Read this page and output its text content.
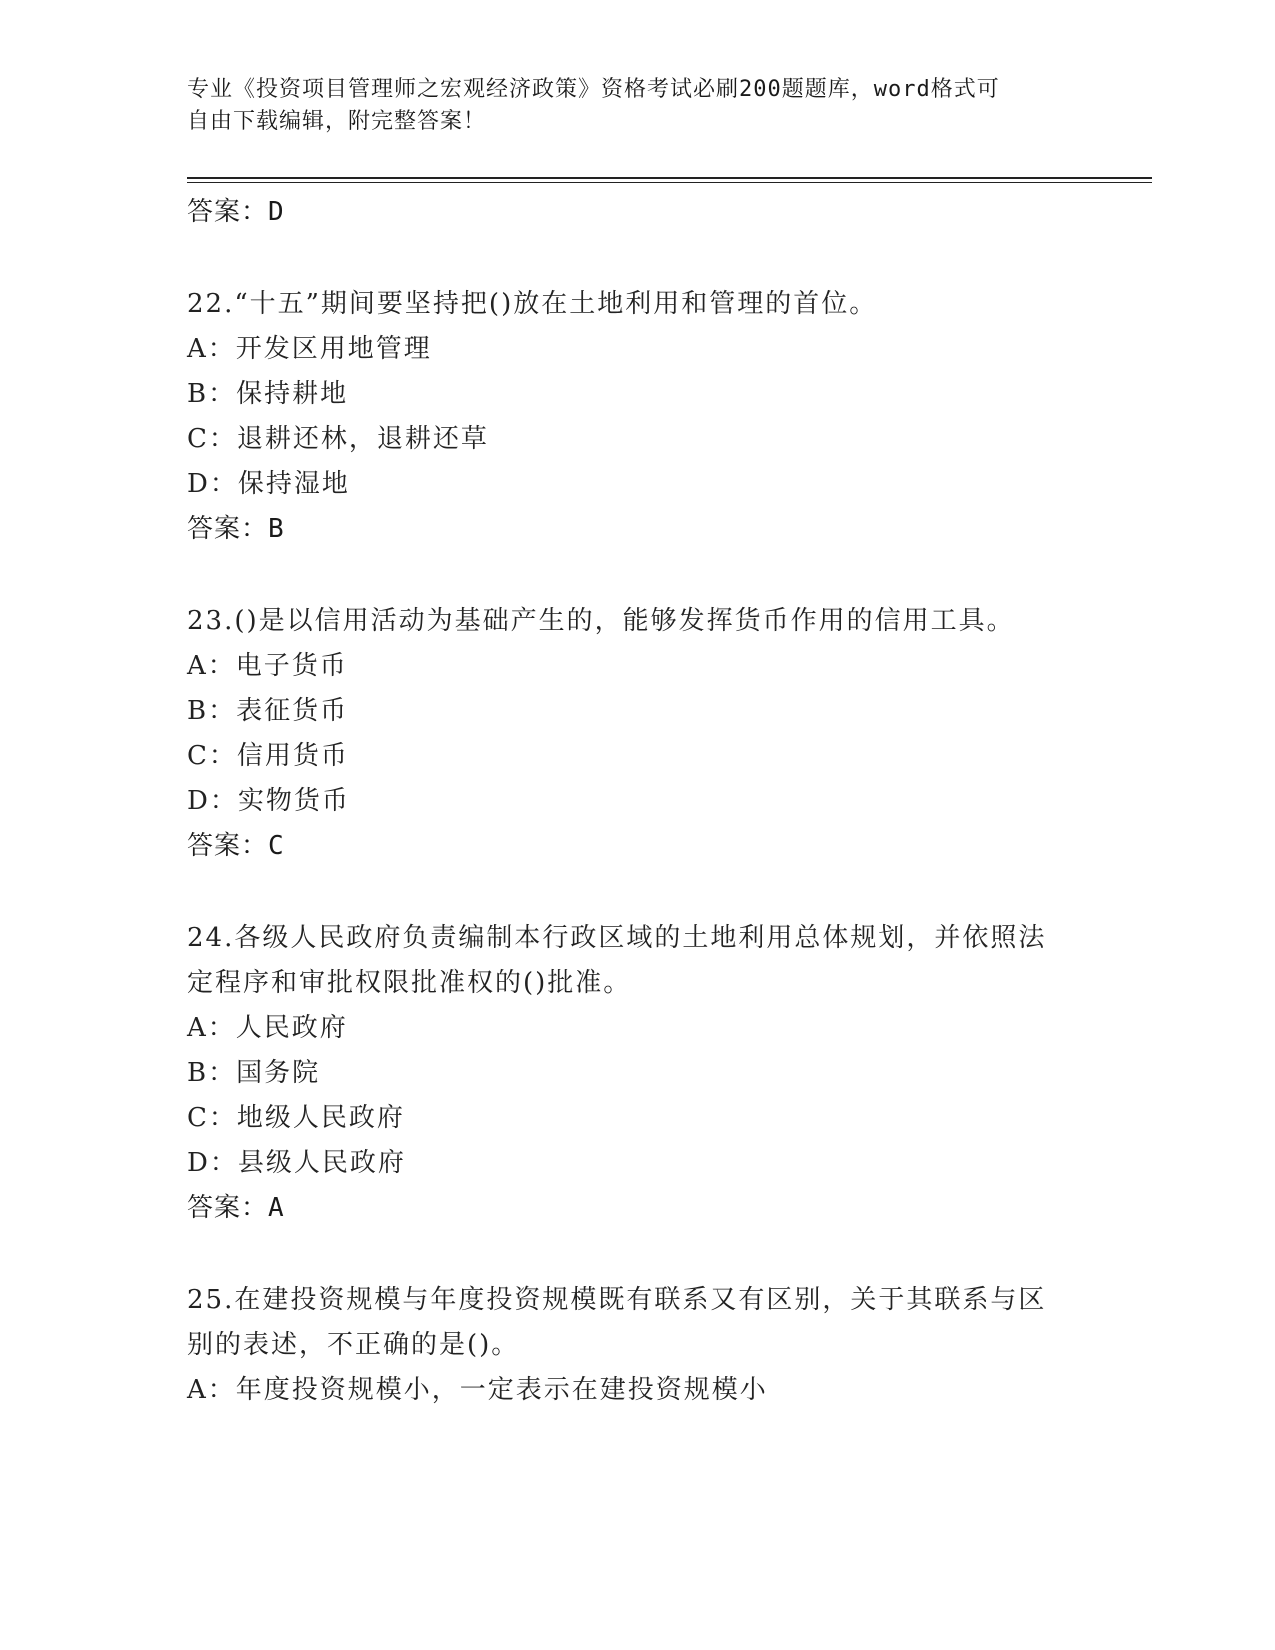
专业《投资项目管理师之宏观经济政策》资格考试必刷200题题库，word格式可
自由下载编辑，附完整答案！
答案：D
22.“十五”期间要坚持把()放在土地利用和管理的首位。
A：开发区用地管理
B：保持耕地
C：退耕还林，退耕还草
D：保持湿地
答案：B
23.()是以信用活动为基础产生的，能够发挥货币作用的信用工具。
A：电子货币
B：表征货币
C：信用货币
D：实物货币
答案：C
24.各级人民政府负责编制本行政区域的土地利用总体规划，并依照法
定程序和审批权限批准权的()批准。
A：人民政府
B：国务院
C：地级人民政府
D：县级人民政府
答案：A
25.在建投资规模与年度投资规模既有联系又有区别，关于其联系与区
别的表述，不正确的是()。
A：年度投资规模小，一定表示在建投资规模小
